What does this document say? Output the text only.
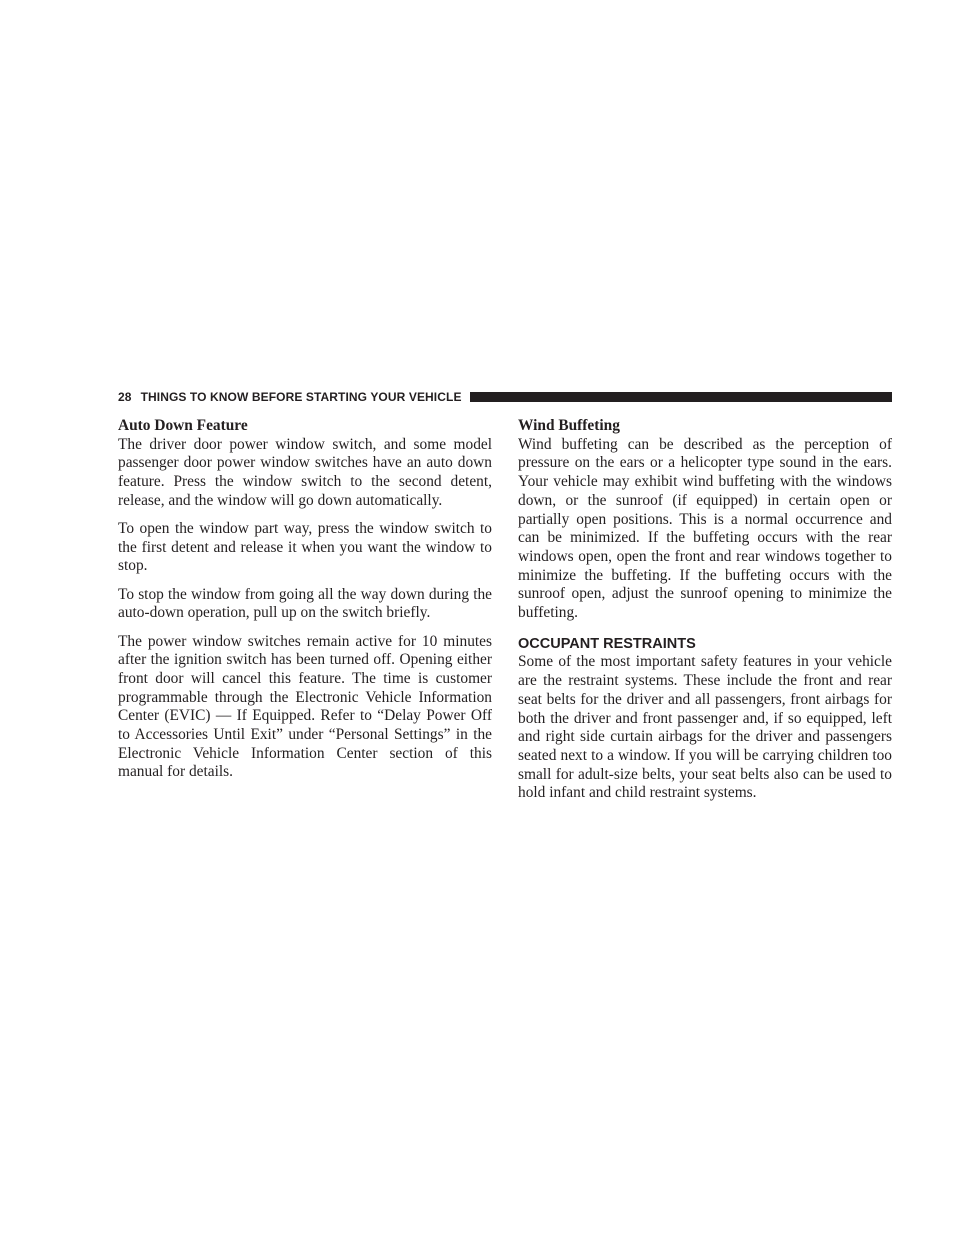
28 THINGS TO KNOW BEFORE STARTING YOUR VEHICLE
Auto Down Feature

The driver door power window switch, and some model passenger door power window switches have an auto down feature. Press the window switch to the second detent, release, and the window will go down automatically.

To open the window part way, press the window switch to the first detent and release it when you want the window to stop.

To stop the window from going all the way down during the auto-down operation, pull up on the switch briefly.

The power window switches remain active for 10 minutes after the ignition switch has been turned off. Opening either front door will cancel this feature. The time is customer programmable through the Electronic Vehicle Information Center (EVIC) — If Equipped. Refer to “Delay Power Off to Accessories Until Exit” under “Personal Settings” in the Electronic Vehicle Information Center section of this manual for details.

Wind Buffeting

Wind buffeting can be described as the perception of pressure on the ears or a helicopter type sound in the ears. Your vehicle may exhibit wind buffeting with the windows down, or the sunroof (if equipped) in certain open or partially open positions. This is a normal occurrence and can be minimized. If the buffeting occurs with the rear windows open, open the front and rear windows together to minimize the buffeting. If the buffeting occurs with the sunroof open, adjust the sunroof opening to minimize the buffeting.

OCCUPANT RESTRAINTS

Some of the most important safety features in your vehicle are the restraint systems. These include the front and rear seat belts for the driver and all passengers, front airbags for both the driver and front passenger and, if so equipped, left and right side curtain airbags for the driver and passengers seated next to a window. If you will be carrying children too small for adult-size belts, your seat belts also can be used to hold infant and child restraint systems.
